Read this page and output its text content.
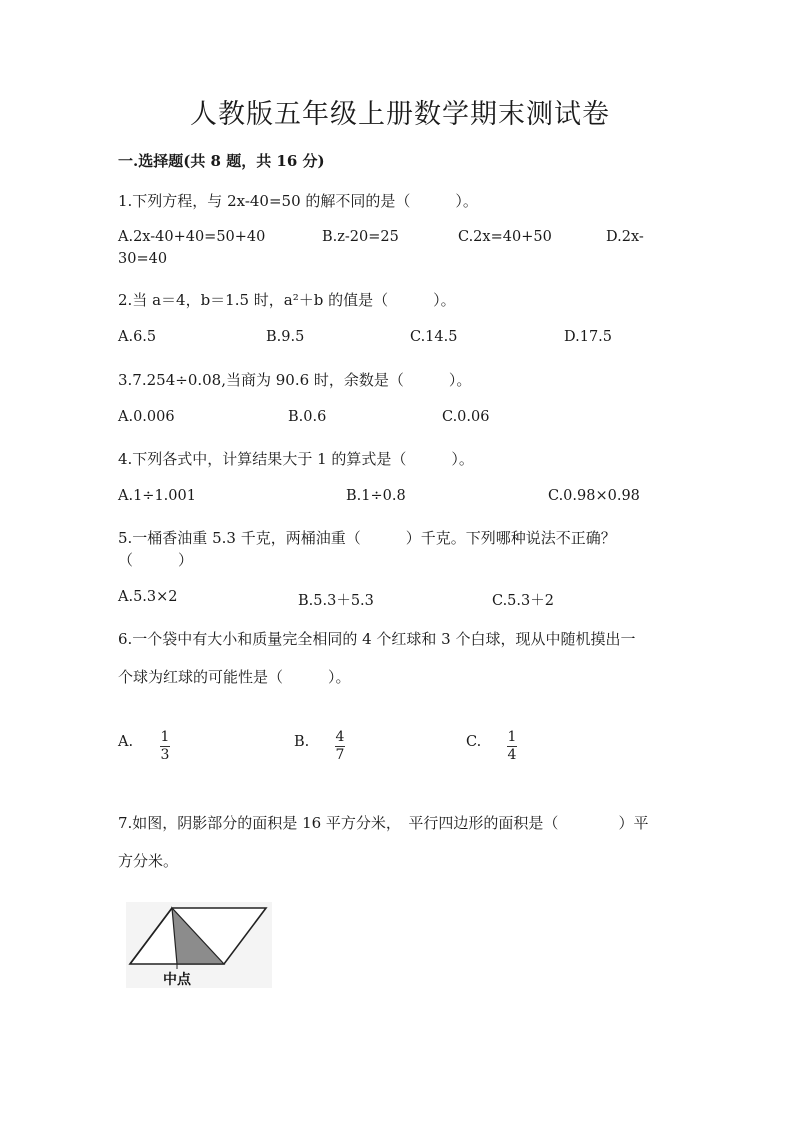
人教版五年级上册数学期末测试卷
一.选择题(共 8 题，共 16 分)
1.下列方程，与 2x-40=50 的解不同的是（　　　）。
A.2x-40+40=50+40	B.z-20=25	C.2x=40+50	D.2x-
30=40
2.当 a＝4，b＝1.5 时，a²＋b 的值是（　　　）。
A.6.5	B.9.5	C.14.5	D.17.5
3.7.254÷0.08,当商为 90.6 时，余数是（　　　）。
A.0.006	B.0.6	C.0.06
4.下列各式中，计算结果大于 1 的算式是（　　　）。
A.1÷1.001	B.1÷0.8	C.0.98×0.98
5.一桶香油重 5.3 千克，两桶油重（　　　）千克。下列哪种说法不正确？
（　　　）
A.5.3×2	B.5.3＋5.3	C.5.3＋2
6.一个袋中有大小和质量完全相同的 4 个红球和 3 个白球，现从中随机摸出一
个球为红球的可能性是（　　　）。
A. $\frac{1}{3}$	B. $\frac{4}{7}$	C. $\frac{1}{4}$
7.如图，阴影部分的面积是 16 平方分米，　平行四边形的面积是（　　　　）平
方分米。
中点
